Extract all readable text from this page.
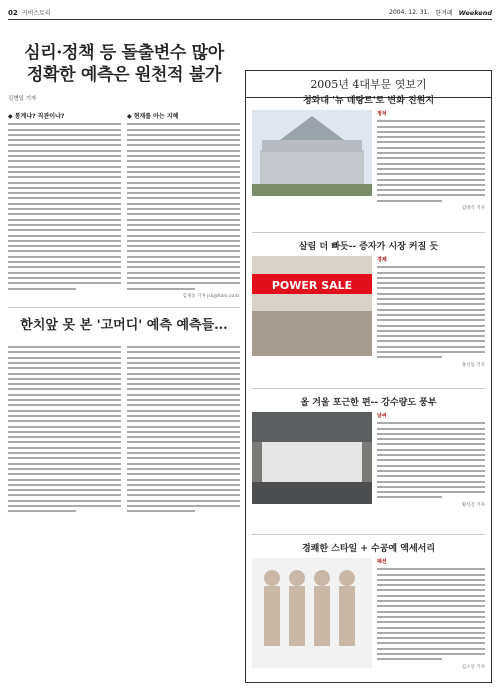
02 커버스토리	2004. 12. 31. 한겨레 Weekend
심리·정책 등 돌출변수 많아
정확한 예측은 원천적 불가
김병일 기자
◆ 통계냐? 직관이냐?	◆ 현재를 아는 지혜
김재승 기자 jsk@hani.co.kr
한치앞 못 본 '고머디' 예측 예측들...
2005년 4대부문 엿보기
청와대 '뉴 데탕트'로 변화 진원지
정치
김대식 기자
살림 더 빠듯-- 증자가 시장 커질 듯
POWER SALE
경제
홍석동 기자
올 겨울 포근한 편-- 강수량도 풍부
날씨
황석진 기자
경쾌한 스타일 + 수공예 액세서리
패션
김소연 기자
